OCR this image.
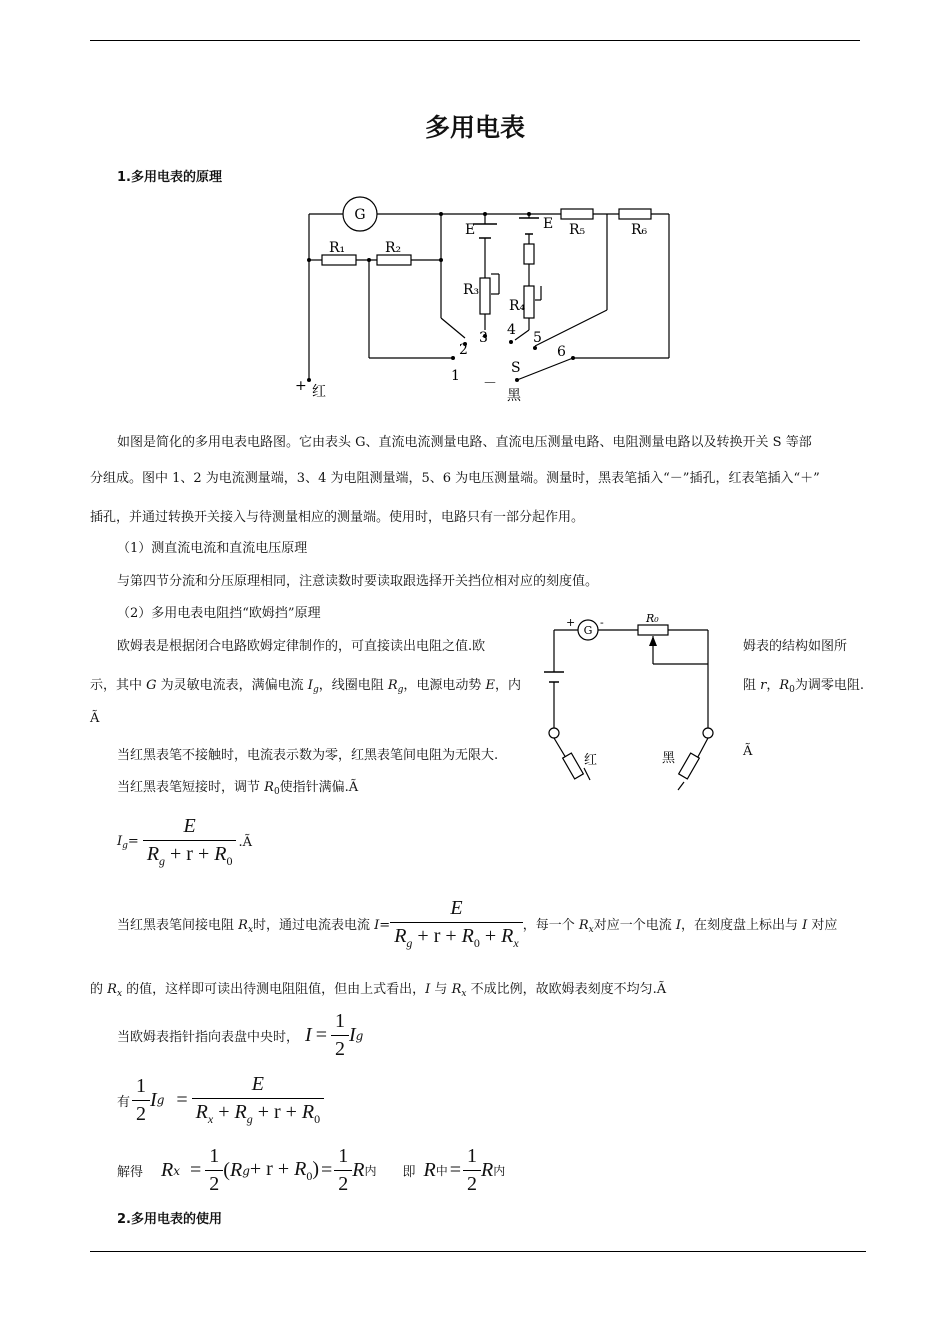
多用电表
1.多用电表的原理
G
R₁	R₂
R₃
R₄
R₅	R₆
E	E
1
2
3 4 5
6
S
+ 红	－
黑
如图是简化的多用电表电路图。它由表头 G、直流电流测量电路、直流电压测量电路、电阻测量电路以及转换开关 S 等部
分组成。图中 1、2 为电流测量端，3、4 为电阻测量端，5、6 为电压测量端。测量时，黑表笔插入“－”插孔，红表笔插入“＋”
插孔，并通过转换开关接入与待测量相应的测量端。使用时，电路只有一部分起作用。
（1）测直流电流和直流电压原理
与第四节分流和分压原理相同，注意读数时要读取跟选择开关挡位相对应的刻度值。
（2）多用电表电阻挡“欧姆挡”原理
欧姆表是根据闭合电路欧姆定律制作的，可直接读出电阻之值.欧	姆表的结构如图所
示，其中 G 为灵敏电流表，满偏电流 $I_g$，线圈电阻 $R_g$，电源电动势 E，内	阻 r，$R_0$为调零电阻.
Ã
当红黑表笔不接触时，电流表示数为零，红黑表笔间电阻为无限大.	Ã
当红黑表笔短接时，调节 $R_0$使指针满偏.Ã
+
G
-	R₀
红	黑
$I_g= \frac{E}{R_g + r + R_0}$ .Ã
当红黑表笔间接电阻 $R_x$时，通过电流表电流 $I= \frac{E}{R_g + r + R_0 + R_x}$ ，每一个 $R_x$对应一个电流 I，在刻度盘上标出与 I 对应
的 $R_x$ 的值，这样即可读出待测电阻阻值，但由上式看出，I 与 $R_x$ 不成比例，故欧姆表刻度不均匀.Ã
当欧姆表指针指向表盘中央时， $I = \frac{1}{2}$ I g
有 $\frac{1}{2}$ I $g = \frac{E}{R_x + R_g + r + R_0}$
解得 R $x = \frac{1}{2}$ ( R $g + r + R_0) = \frac{1}{2}$ R 内 即 R 中 = $\frac{1}{2}$ R 内
2.多用电表的使用
